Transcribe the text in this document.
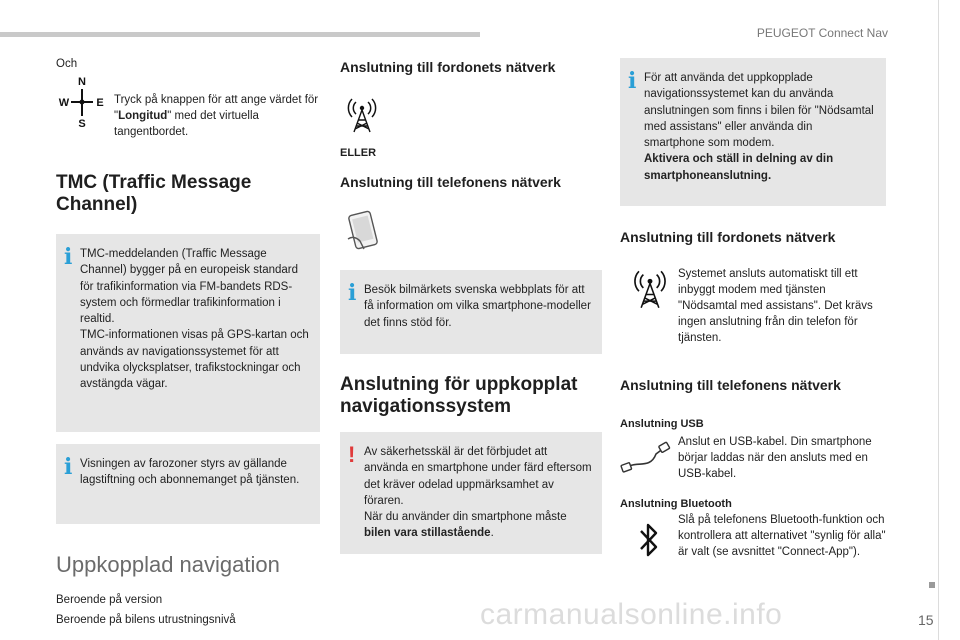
PEUGEOT Connect Nav
15
carmanualsonline.info
Och
N
W E
S
Tryck på knappen för att ange värdet för "Longitud" med det virtuella tangentbordet.
TMC (Traffic Message
Channel)
i TMC-meddelanden (Traffic Message Channel) bygger på en europeisk standard för trafikinformation via FM-bandets RDS-system och förmedlar trafikinformation i realtid.
TMC-informationen visas på GPS-kartan och används av navigationssystemet för att undvika olycksplatser, trafikstockningar och avstängda vägar.
i Visningen av farozoner styrs av gällande lagstiftning och abonnemanget på tjänsten.
Uppkopplad navigation
Beroende på version
Beroende på bilens utrustningsnivå
Anslutning till fordonets nätverk
ELLER
Anslutning till telefonens nätverk
i Besök bilmärkets svenska webbplats för att få information om vilka smartphone-modeller det finns stöd för.
Anslutning för uppkopplat
navigationssystem
! Av säkerhetsskäl är det förbjudet att använda en smartphone under färd eftersom det kräver odelad uppmärksamhet av föraren.
När du använder din smartphone måste bilen vara stillastående.
i För att använda det uppkopplade navigationssystemet kan du använda anslutningen som finns i bilen för "Nödsamtal med assistans" eller använda din smartphone som modem.
Aktivera och ställ in delning av din smartphoneanslutning.
Anslutning till fordonets nätverk
Systemet ansluts automatiskt till ett inbyggt modem med tjänsten "Nödsamtal med assistans". Det krävs ingen anslutning från din telefon för tjänsten.
Anslutning till telefonens nätverk
Anslutning USB
Anslut en USB-kabel. Din smartphone börjar laddas när den ansluts med en USB-kabel.
Anslutning Bluetooth
Slå på telefonens Bluetooth-funktion och kontrollera att alternativet "synlig för alla" är valt (se avsnittet "Connect-App").
